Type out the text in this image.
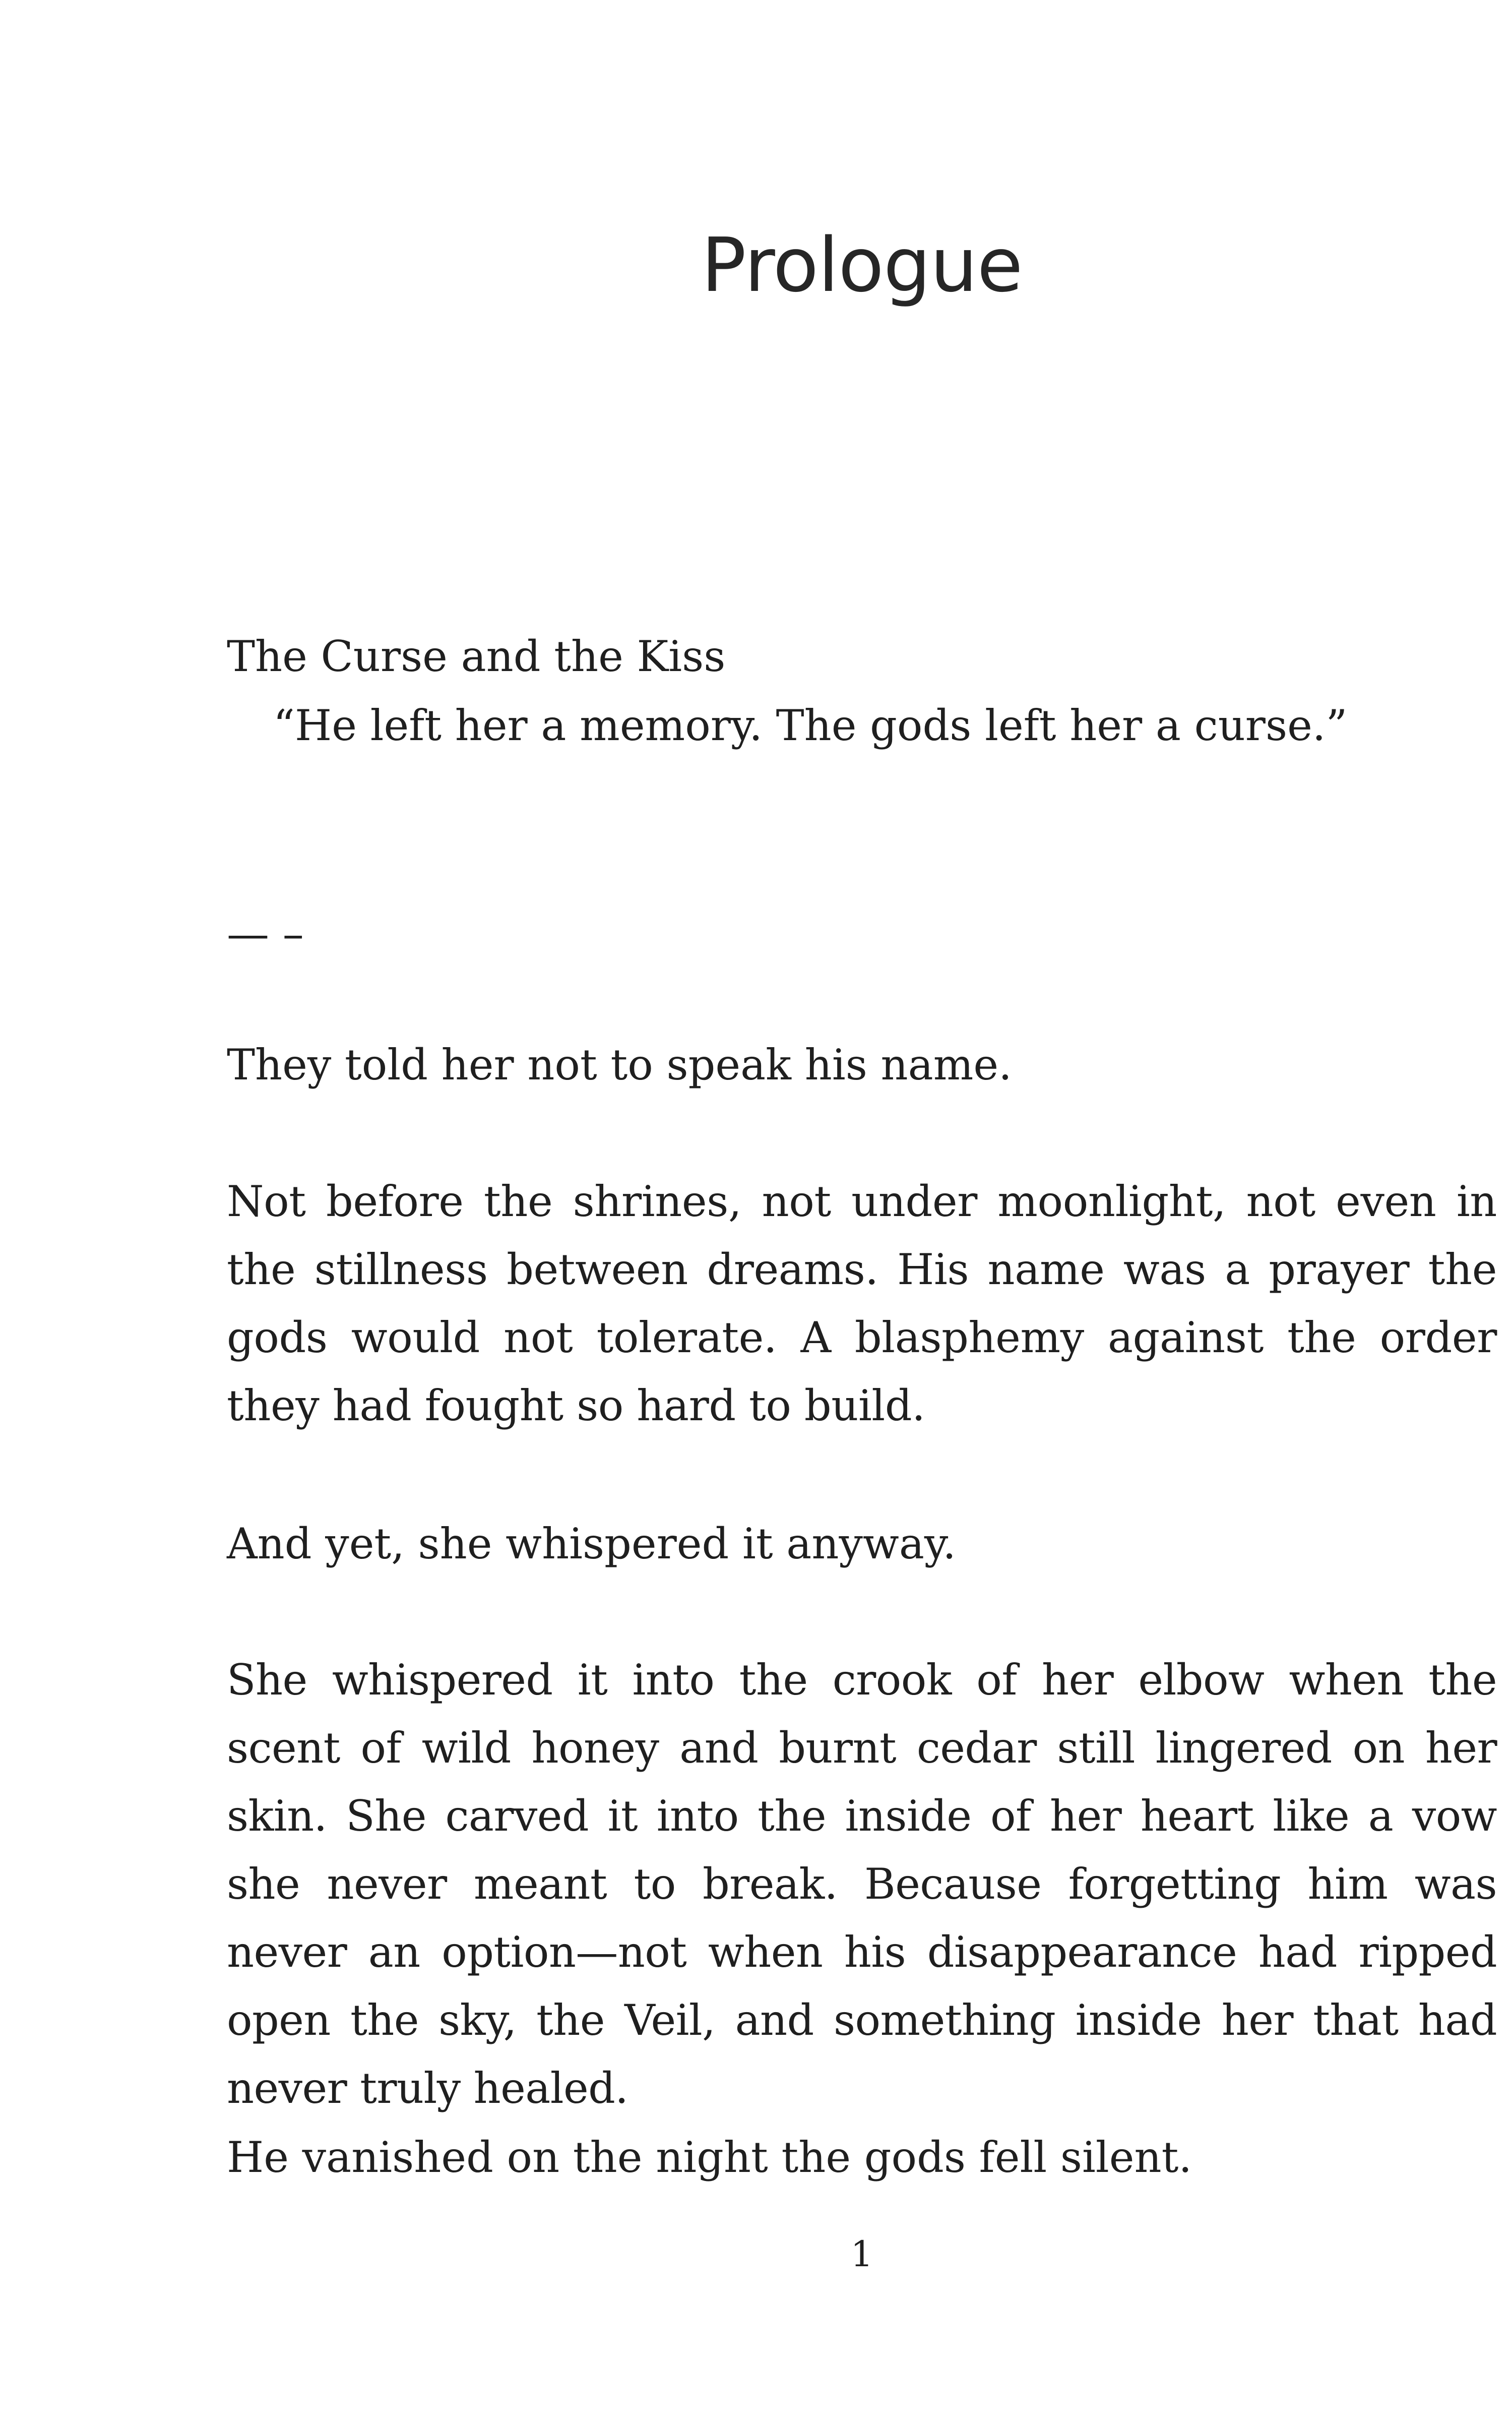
Prologue

The Curse and the Kiss

“He left her a memory. The gods left her a curse.”

— –

They told her not to speak his name.

Not before the shrines, not under moonlight, not even in the stillness between dreams. His name was a prayer the gods would not tolerate. A blasphemy against the order they had fought so hard to build.

And yet, she whispered it anyway.

She whispered it into the crook of her elbow when the scent of wild honey and burnt cedar still lingered on her skin. She carved it into the inside of her heart like a vow she never meant to break. Because forgetting him was never an option—not when his disappearance had ripped open the sky, the Veil, and something inside her that had never truly healed.

He vanished on the night the gods fell silent.

1
